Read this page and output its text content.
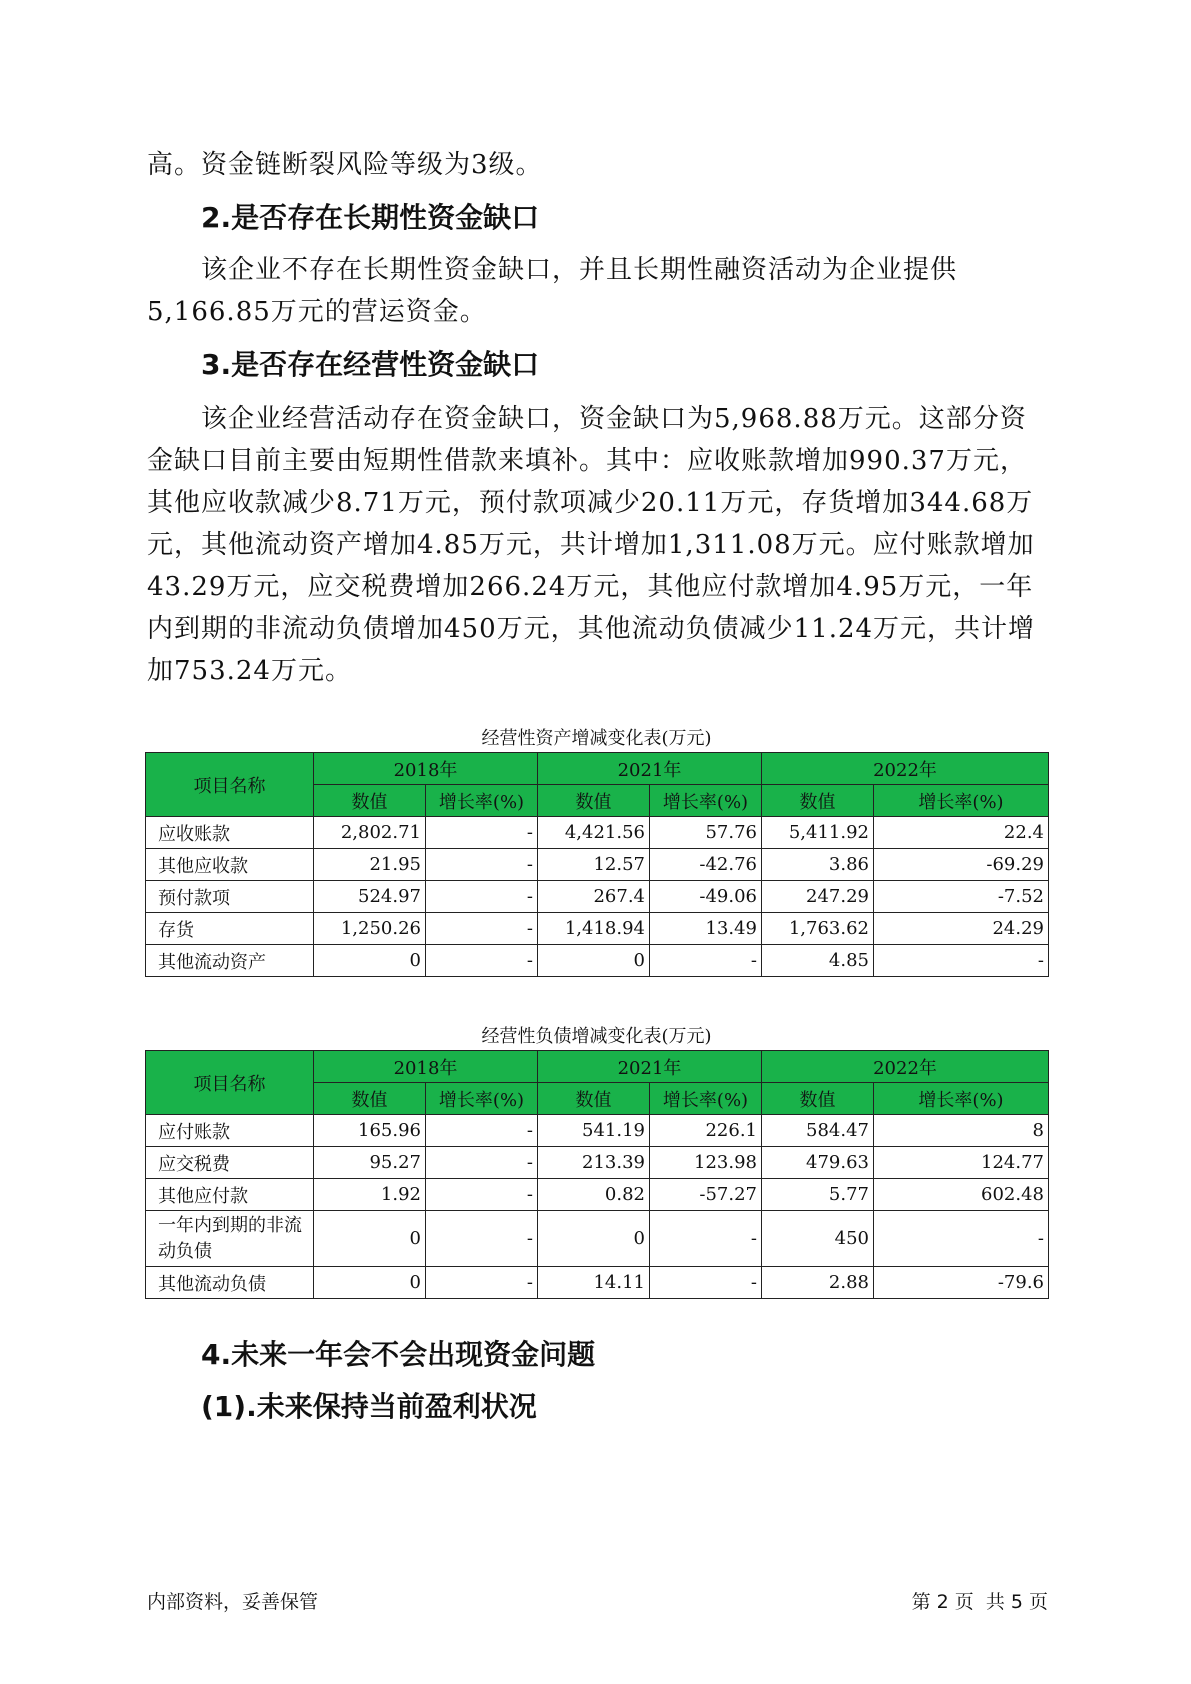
高。资金链断裂风险等级为3级。

2.是否存在长期性资金缺口

该企业不存在长期性资金缺口，并且长期性融资活动为企业提供5,166.85万元的营运资金。

3.是否存在经营性资金缺口

该企业经营活动存在资金缺口，资金缺口为5,968.88万元。这部分资金缺口目前主要由短期性借款来填补。其中：应收账款增加990.37万元，其他应收款减少8.71万元，预付款项减少20.11万元，存货增加344.68万元，其他流动资产增加4.85万元，共计增加1,311.08万元。应付账款增加43.29万元，应交税费增加266.24万元，其他应付款增加4.95万元，一年内到期的非流动负债增加450万元，其他流动负债减少11.24万元，共计增加753.24万元。

经营性资产增减变化表(万元)

项目名称	2018年		2021年		2022年	
	数值	增长率(%)	数值	增长率(%)	数值	增长率(%)
应收账款	2,802.71	-	4,421.56	57.76	5,411.92	22.4
其他应收款	21.95	-	12.57	-42.76	3.86	-69.29
预付款项	524.97	-	267.4	-49.06	247.29	-7.52
存货	1,250.26	-	1,418.94	13.49	1,763.62	24.29
其他流动资产	0	-	0	-	4.85	-

经营性负债增减变化表(万元)

项目名称	2018年		2021年		2022年	
	数值	增长率(%)	数值	增长率(%)	数值	增长率(%)
应付账款	165.96	-	541.19	226.1	584.47	8
应交税费	95.27	-	213.39	123.98	479.63	124.77
其他应付款	1.92	-	0.82	-57.27	5.77	602.48
一年内到期的非流动负债	0	-	0	-	450	-
其他流动负债	0	-	14.11	-	2.88	-79.6
4.未来一年会不会出现资金问题
(1).未来保持当前盈利状况

内部资料，妥善保管	第 2 页  共 5 页
